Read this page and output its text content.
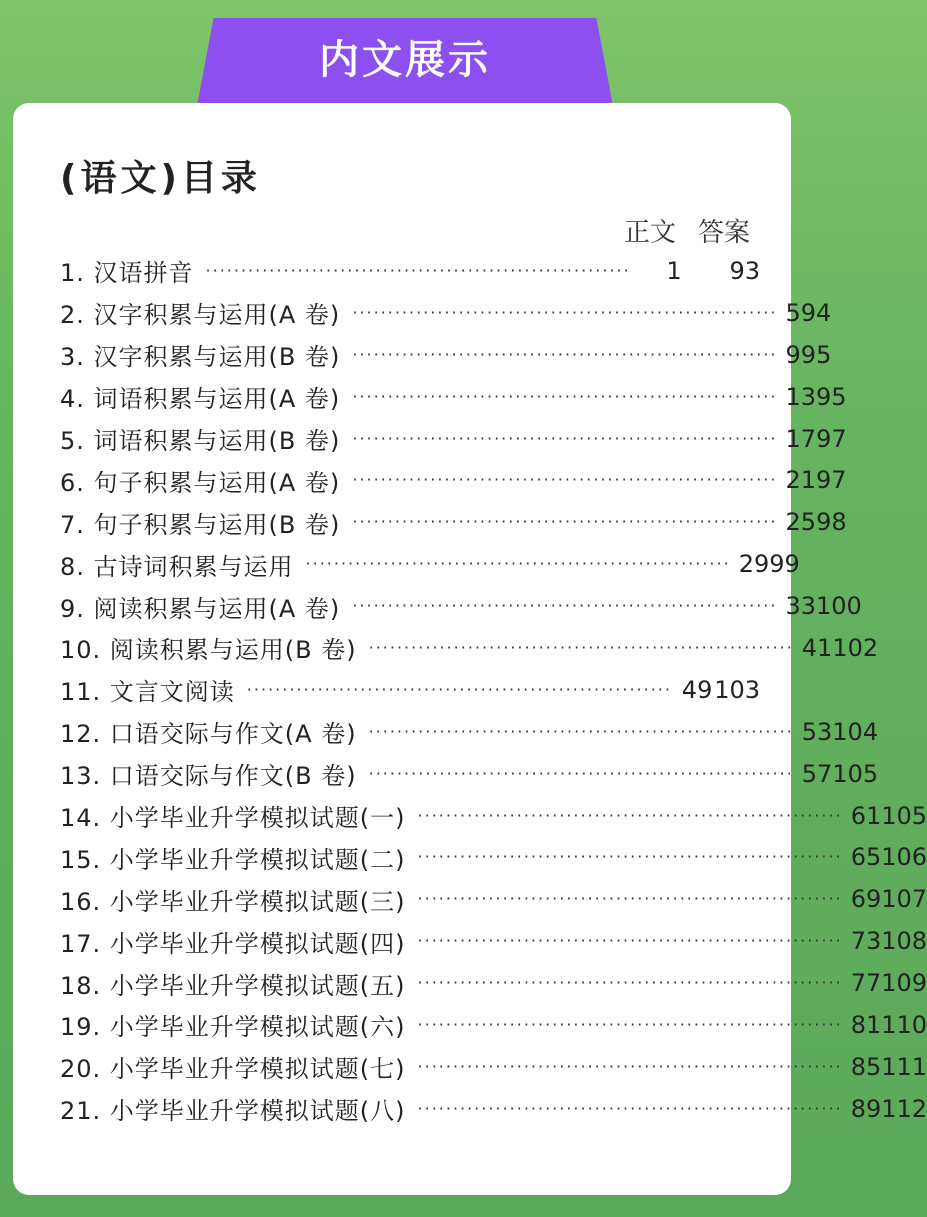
内文展示
(语文)目录
正文 答案
1. 汉语拼音 ····························································	1	93
2. 汉字积累与运用(A 卷) ···························································· 5 94
3. 汉字积累与运用(B 卷) ···························································· 9 95
4. 词语积累与运用(A 卷) ···························································· 13 95
5. 词语积累与运用(B 卷) ···························································· 17 97
6. 句子积累与运用(A 卷) ···························································· 21 97
7. 句子积累与运用(B 卷) ···························································· 25 98
8. 古诗词积累与运用 ···························································· 29 99
9. 阅读积累与运用(A 卷) ···························································· 33 100
10. 阅读积累与运用(B 卷) ···························································· 41 102
11. 文言文阅读 ···························································· 49 103
12. 口语交际与作文(A 卷) ···························································· 53 104
13. 口语交际与作文(B 卷) ···························································· 57 105
14. 小学毕业升学模拟试题(一) ···························································· 61 105
15. 小学毕业升学模拟试题(二) ···························································· 65 106
16. 小学毕业升学模拟试题(三) ···························································· 69 107
17. 小学毕业升学模拟试题(四) ···························································· 73 108
18. 小学毕业升学模拟试题(五) ···························································· 77 109
19. 小学毕业升学模拟试题(六) ···························································· 81 110
20. 小学毕业升学模拟试题(七) ···························································· 85 111
21. 小学毕业升学模拟试题(八) ···························································· 89 112
